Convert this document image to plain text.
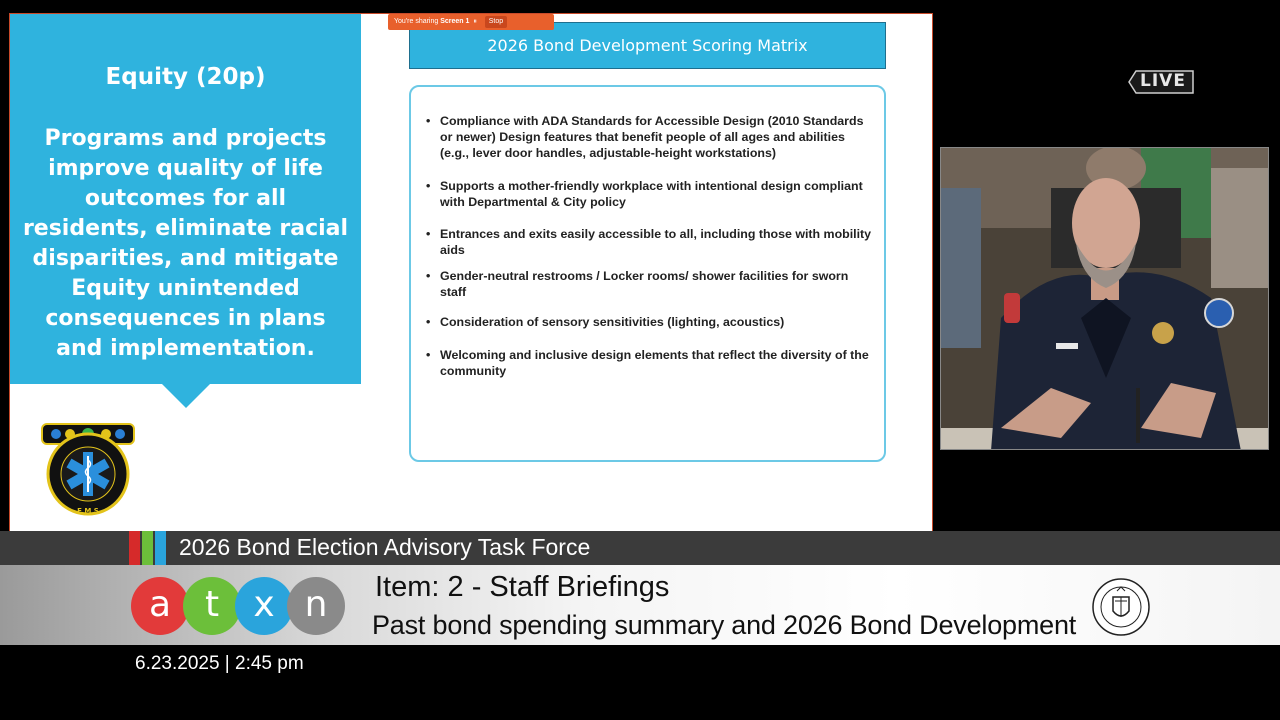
Equity (20p)
Programs and projects improve quality of life outcomes for all residents, eliminate racial disparities, and mitigate Equity unintended consequences in plans and implementation.
E M S
2026 Bond Development Scoring Matrix
• Compliance with ADA Standards for Accessible Design (2010 Standards or newer) Design features that benefit people of all ages and abilities (e.g., lever door handles, adjustable-height workstations)
• Supports a mother-friendly workplace with intentional design compliant with Departmental & City policy
• Entrances and exits easily accessible to all, including those with mobility aids
• Gender-neutral restrooms / Locker rooms/ shower facilities for sworn staff
• Consideration of sensory sensitivities (lighting, acoustics)
• Welcoming and inclusive design elements that reflect the diversity of the community
You're sharing Screen 1  ⏸  Stop
LIVE
2026 Bond Election Advisory Task Force
a t x n	Item: 2 - Staff Briefings
Past bond spending summary and 2026 Bond Development
6.23.2025 | 2:45 pm
